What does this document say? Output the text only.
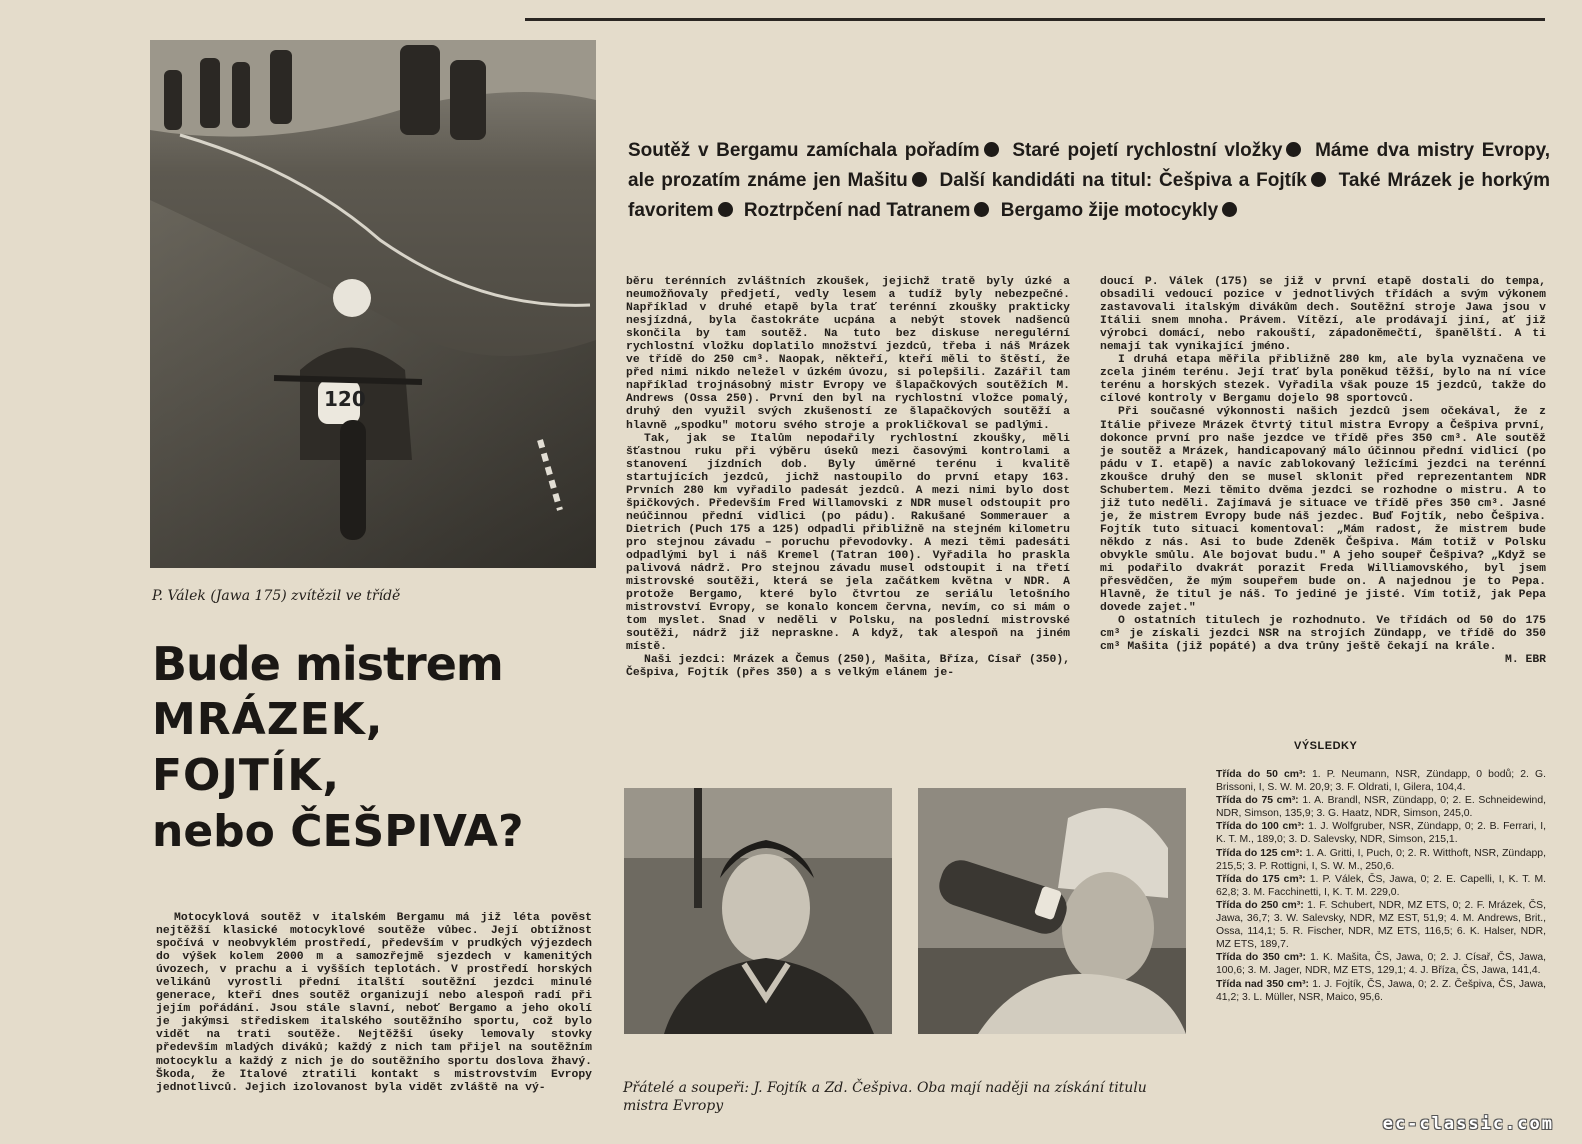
120
P. Válek (Jawa 175) zvítězil ve třídě
Bude mistrem
MRÁZEK,
FOJTÍK,
nebo ČEŠPIVA?
Soutěž v Bergamu zamíchala pořadím Staré pojetí rychlostní vložky Máme dva mistry Evropy, ale prozatím známe jen Mašitu Další kandidáti na titul: Češpiva a Fojtík Také Mrázek je horkým favoritem Roztrpčení nad Tatranem Bergamo žije motocykly

Motocyklová soutěž v italském Bergamu má již léta pověst nejtěžší klasické motocyklové soutěže vůbec. Její obtížnost spočívá v neobvyklém prostředí, především v prudkých výjezdech do výšek kolem 2000 m a samozřejmě sjezdech v kamenitých úvozech, v prachu a i vyšších teplotách. V prostředí horských velikánů vyrostli přední italští soutěžní jezdci minulé generace, kteří dnes soutěž organizují nebo alespoň radí při jejím pořádání. Jsou stále slavní, neboť Bergamo a jeho okolí je jakýmsi střediskem italského soutěžního sportu, což bylo vidět na trati soutěže. Nejtěžší úseky lemovaly stovky především mladých diváků; každý z nich tam přijel na soutěžním motocyklu a každý z nich je do soutěžního sportu doslova žhavý. Škoda, že Italové ztratili kontakt s mistrovstvím Evropy jednotlivců. Jejich izolovanost byla vidět zvláště na vý-

běru terénních zvláštních zkoušek, jejichž tratě byly úzké a neumožňovaly předjetí, vedly lesem a tudíž byly nebezpečné. Například v druhé etapě byla trať terénní zkoušky prakticky nesjízdná, byla častokráte ucpána a nebýt stovek nadšenců skončila by tam soutěž. Na tuto bez diskuse neregulérní rychlostní vložku doplatilo množství jezdců, třeba i náš Mrázek ve třídě do 250 cm³. Naopak, někteří, kteří měli to štěstí, že před nimi nikdo neležel v úzkém úvozu, si polepšili. Zazářil tam například trojnásobný mistr Evropy ve šlapačkových soutěžích M. Andrews (Ossa 250). První den byl na rychlostní vložce pomalý, druhý den využil svých zkušeností ze šlapačkových soutěží a hlavně „spodku" motoru svého stroje a prokličkoval se padlými.

Tak, jak se Italům nepodařily rychlostní zkoušky, měli šťastnou ruku při výběru úseků mezi časovými kontrolami a stanovení jízdních dob. Byly úměrné terénu i kvalitě startujících jezdců, jichž nastoupilo do první etapy 163. Prvních 280 km vyřadilo padesát jezdců. A mezi nimi bylo dost špičkových. Především Fred Willamovski z NDR musel odstoupit pro neúčinnou přední vidlici (po pádu). Rakušané Sommerauer a Dietrich (Puch 175 a 125) odpadli přibližně na stejném kilometru pro stejnou závadu – poruchu převodovky. A mezi těmi padesáti odpadlými byl i náš Kremel (Tatran 100). Vyřadila ho praskla palivová nádrž. Pro stejnou závadu musel odstoupit i na třetí mistrovské soutěži, která se jela začátkem května v NDR. A protože Bergamo, které bylo čtvrtou ze seriálu letošního mistrovství Evropy, se konalo koncem června, nevím, co si mám o tom myslet. Snad v neděli v Polsku, na poslední mistrovské soutěži, nádrž již nepraskne. A když, tak alespoň na jiném místě.

Naši jezdci: Mrázek a Čemus (250), Mašita, Bříza, Císař (350), Češpiva, Fojtík (přes 350) a s velkým elánem je-

doucí P. Válek (175) se již v první etapě dostali do tempa, obsadili vedoucí pozice v jednotlivých třídách a svým výkonem zastavovali italským divákům dech. Soutěžní stroje Jawa jsou v Itálii snem mnoha. Právem. Vítězí, ale prodávají jiní, ať již výrobci domácí, nebo rakouští, západoněmečtí, španělští. A ti nemají tak vynikající jméno.

I druhá etapa měřila přibližně 280 km, ale byla vyznačena ve zcela jiném terénu. Její trať byla poněkud těžší, bylo na ní více terénu a horských stezek. Vyřadila však pouze 15 jezdců, takže do cílové kontroly v Bergamu dojelo 98 sportovců.

Při současné výkonnosti našich jezdců jsem očekával, že z Itálie přiveze Mrázek čtvrtý titul mistra Evropy a Češpiva první, dokonce první pro naše jezdce ve třídě přes 350 cm³. Ale soutěž je soutěž a Mrázek, handicapovaný málo účinnou přední vidlicí (po pádu v I. etapě) a navíc zablokovaný ležícími jezdci na terénní zkoušce druhý den se musel sklonit před reprezentantem NDR Schubertem. Mezi těmito dvěma jezdci se rozhodne o mistru. A to již tuto neděli. Zajímavá je situace ve třídě přes 350 cm³. Jasné je, že mistrem Evropy bude náš jezdec. Buď Fojtík, nebo Češpiva. Fojtík tuto situaci komentoval: „Mám radost, že mistrem bude někdo z nás. Asi to bude Zdeněk Češpiva. Mám totiž v Polsku obvykle smůlu. Ale bojovat budu." A jeho soupeř Češpiva? „Když se mi podařilo dvakrát porazit Freda Williamovského, byl jsem přesvědčen, že mým soupeřem bude on. A najednou je to Pepa. Hlavně, že titul je náš. To jediné je jisté. Vím totiž, jak Pepa dovede zajet."

O ostatních titulech je rozhodnuto. Ve třídách od 50 do 175 cm³ je získali jezdci NSR na strojích Zündapp, ve třídě do 350 cm³ Mašita (již popáté) a dva trůny ještě čekají na krále.

M. EBR
Přátelé a soupeři: J. Fojtík a Zd. Češpiva. Oba mají naději na získání titulu mistra Evropy
VÝSLEDKY
Třída do 50 cm³: 1. P. Neumann, NSR, Zündapp, 0 bodů; 2. G. Brissoni, I, S. W. M. 20,9; 3. F. Oldrati, I, Gilera, 104,4.
Třída do 75 cm³: 1. A. Brandl, NSR, Zündapp, 0; 2. E. Schneidewind, NDR, Simson, 135,9; 3. G. Haatz, NDR, Simson, 245,0.
Třída do 100 cm³: 1. J. Wolfgruber, NSR, Zündapp, 0; 2. B. Ferrari, I, K. T. M., 189,0; 3. D. Salevsky, NDR, Simson, 215,1.
Třída do 125 cm³: 1. A. Gritti, I, Puch, 0; 2. R. Witthoft, NSR, Zündapp, 215,5; 3. P. Rottigni, I, S. W. M., 250,6.
Třída do 175 cm³: 1. P. Válek, ČS, Jawa, 0; 2. E. Capelli, I, K. T. M. 62,8; 3. M. Facchinetti, I, K. T. M. 229,0.
Třída do 250 cm³: 1. F. Schubert, NDR, MZ ETS, 0; 2. F. Mrázek, ČS, Jawa, 36,7; 3. W. Salevsky, NDR, MZ EST, 51,9; 4. M. Andrews, Brit., Ossa, 114,1; 5. R. Fischer, NDR, MZ ETS, 116,5; 6. K. Halser, NDR, MZ ETS, 189,7.
Třída do 350 cm³: 1. K. Mašita, ČS, Jawa, 0; 2. J. Císař, ČS, Jawa, 100,6; 3. M. Jager, NDR, MZ ETS, 129,1; 4. J. Bříza, ČS, Jawa, 141,4.
Třída nad 350 cm³: 1. J. Fojtík, ČS, Jawa, 0; 2. Z. Češpiva, ČS, Jawa, 41,2; 3. L. Müller, NSR, Maico, 95,6.
ec-classic.com
